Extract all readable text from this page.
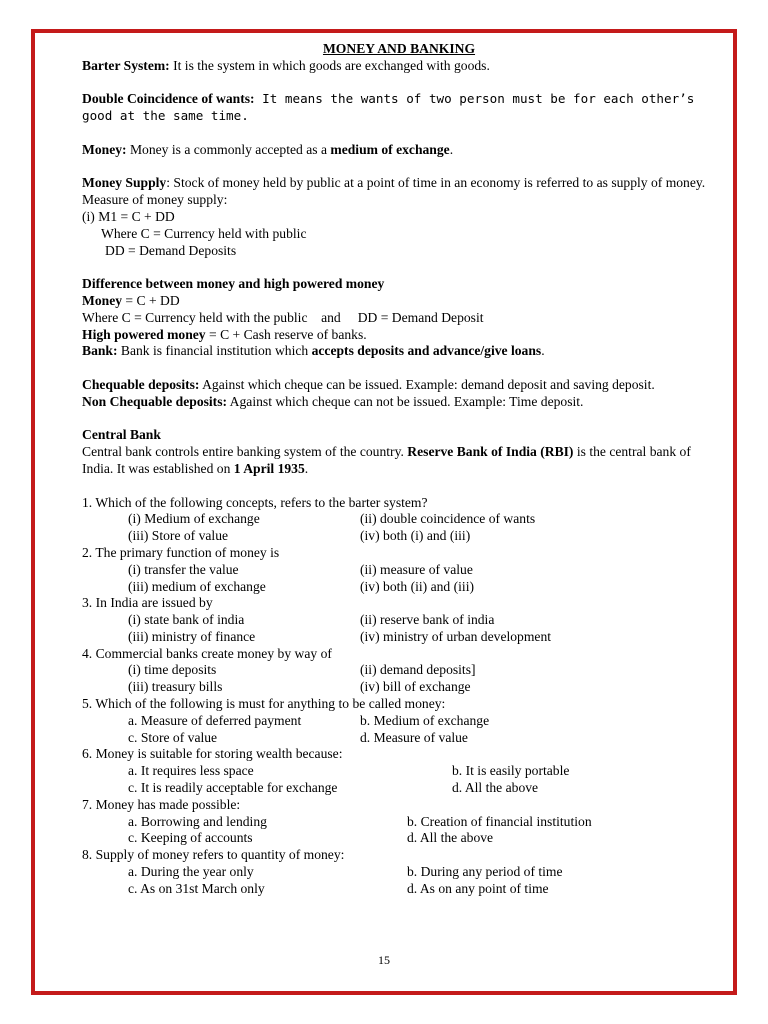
MONEY AND BANKING

Barter System: It is the system in which goods are exchanged with goods.

Double Coincidence of wants: It means the wants of two person must be for each other’s good at the same time.

Money: Money is a commonly accepted as a medium of exchange.

Money Supply: Stock of money held by public at a point of time in an economy is referred to as supply of money.

Measure of money supply:

(i) M1 = C + DD

Where C = Currency held with public

DD = Demand Deposits

Difference between money and high powered money

Money = C + DD

Where C = Currency held with the public    and     DD = Demand Deposit

High powered money = C + Cash reserve of banks.

Bank: Bank is financial institution which accepts deposits and advance/give loans.

Chequable deposits: Against which cheque can be issued. Example: demand deposit and saving deposit.

Non Chequable deposits: Against which cheque can not be issued. Example: Time deposit.

Central Bank

Central bank controls entire banking system of the country. Reserve Bank of India (RBI) is the central bank of India. It was established on 1 April 1935.

1. Which of the following concepts, refers to the barter system?

(i) Medium of exchange	(ii) double coincidence of wants
(iii) Store of value	(iv) both (i) and (iii)

2. The primary function of money is

(i) transfer the value	(ii) measure of value
(iii) medium of exchange	(iv) both (ii) and (iii)

3. In India are issued by

(i) state bank of india	(ii) reserve bank of india
(iii) ministry of finance	(iv) ministry of urban development

4. Commercial banks create money by way of

(i) time deposits	(ii) demand deposits]
(iii) treasury bills	(iv) bill of exchange

5. Which of the following is must for anything to be called money:

a. Measure of deferred payment	b. Medium of exchange
c. Store of value	d. Measure of value

6. Money is suitable for storing wealth because:

a. It requires less space	b. It is easily portable
c. It is readily acceptable for exchange	d. All the above

7. Money has made possible:

a. Borrowing and lending	b. Creation of financial institution
c. Keeping of accounts	d. All the above

8. Supply of money refers to quantity of money:

a. During the year only	b. During any period of time
c. As on 31st March only	d. As on any point of time
15
